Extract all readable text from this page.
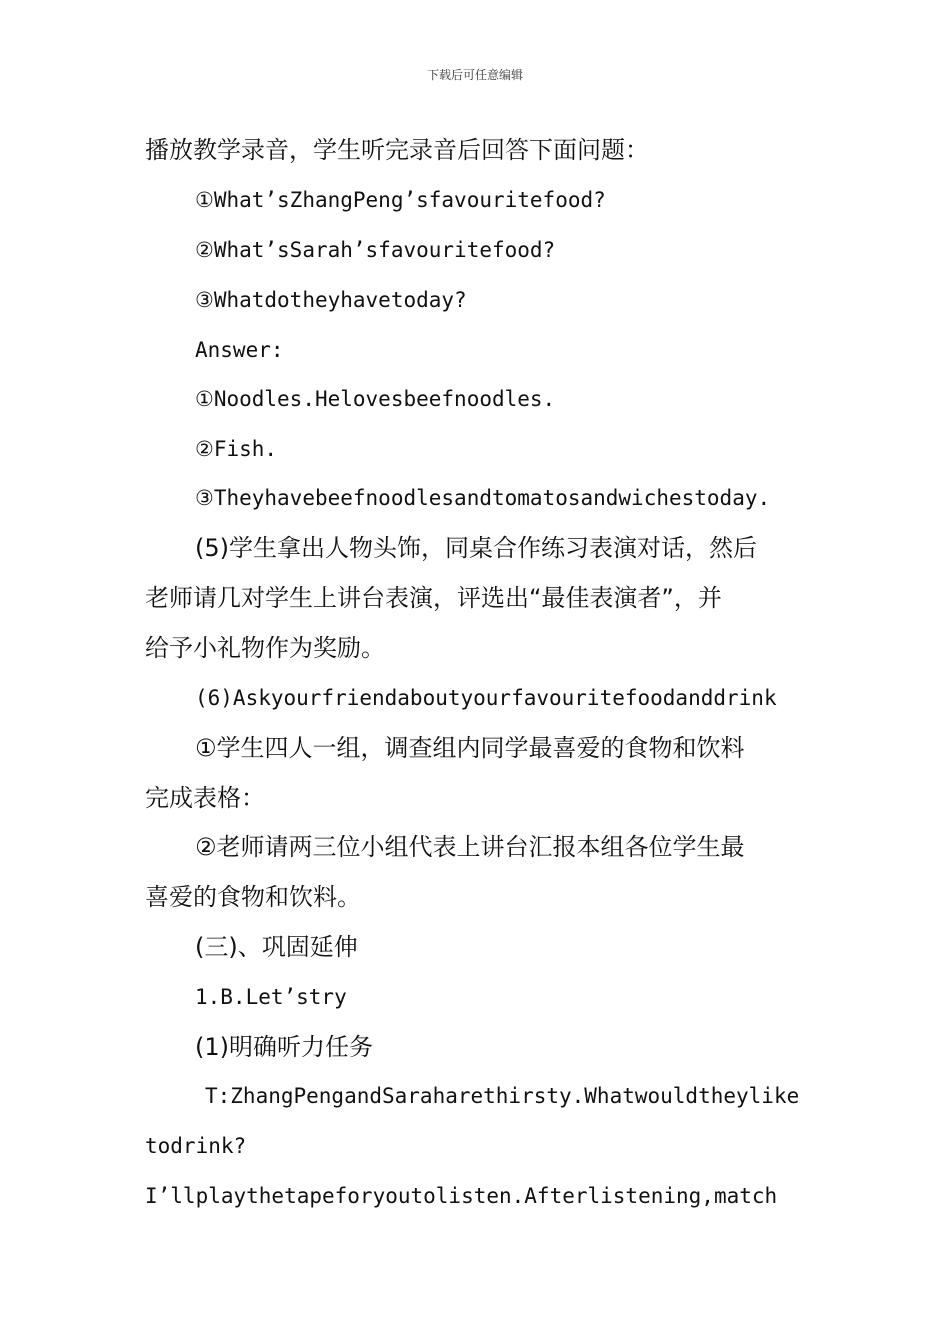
下载后可任意编辑
播放教学录音，学生听完录音后回答下面问题：
①What’sZhangPeng’sfavouritefood?
②What’sSarah’sfavouritefood?
③Whatdotheyhavetoday?
Answer:
①Noodles.Helovesbeefnoodles.
②Fish.
③Theyhavebeefnoodlesandtomatosandwichestoday.
(5)学生拿出人物头饰，同桌合作练习表演对话，然后
老师请几对学生上讲台表演，评选出“最佳表演者”，并
给予小礼物作为奖励。
(6)Askyourfriendaboutyourfavouritefoodanddrink
①学生四人一组，调查组内同学最喜爱的食物和饮料
完成表格：
②老师请两三位小组代表上讲台汇报本组各位学生最
喜爱的食物和饮料。
(三)、巩固延伸
1.B.Let’stry
(1)明确听力任务
T:ZhangPengandSaraharethirsty.Whatwouldtheylike
todrink?
I’llplaythetapeforyoutolisten.Afterlistening,match
